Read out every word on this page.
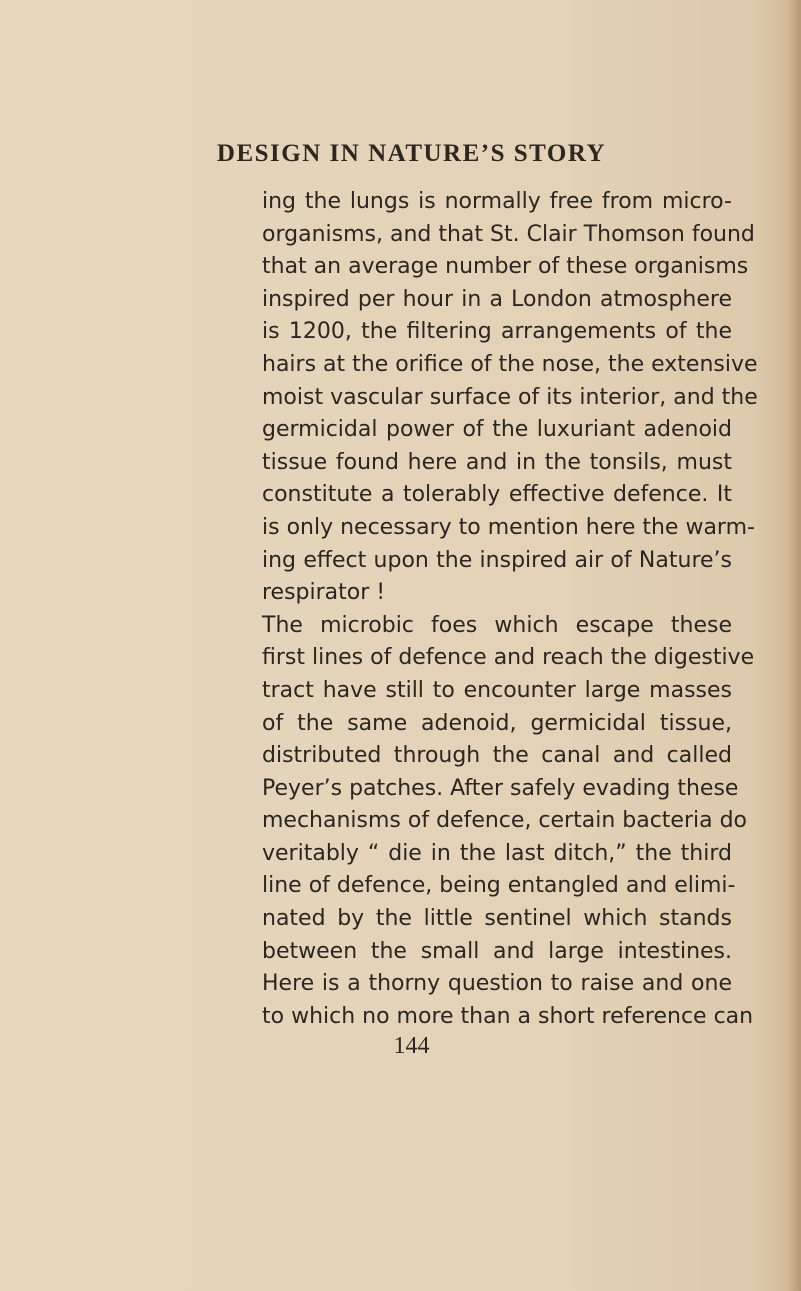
DESIGN IN NATURE’S STORY
ing the lungs is normally free from micro-
organisms, and that St. Clair Thomson found
that an average number of these organisms
inspired per hour in a London atmosphere
is 1200, the filtering arrangements of the
hairs at the orifice of the nose, the extensive
moist vascular surface of its interior, and the
germicidal power of the luxuriant adenoid
tissue found here and in the tonsils, must
constitute a tolerably effective defence. It
is only necessary to mention here the warm-
ing effect upon the inspired air of Nature’s
respirator !
The microbic foes which escape these
first lines of defence and reach the digestive
tract have still to encounter large masses
of the same adenoid, germicidal tissue,
distributed through the canal and called
Peyer’s patches. After safely evading these
mechanisms of defence, certain bacteria do
veritably “ die in the last ditch,” the third
line of defence, being entangled and elimi-
nated by the little sentinel which stands
between the small and large intestines.
Here is a thorny question to raise and one
to which no more than a short reference can
144
